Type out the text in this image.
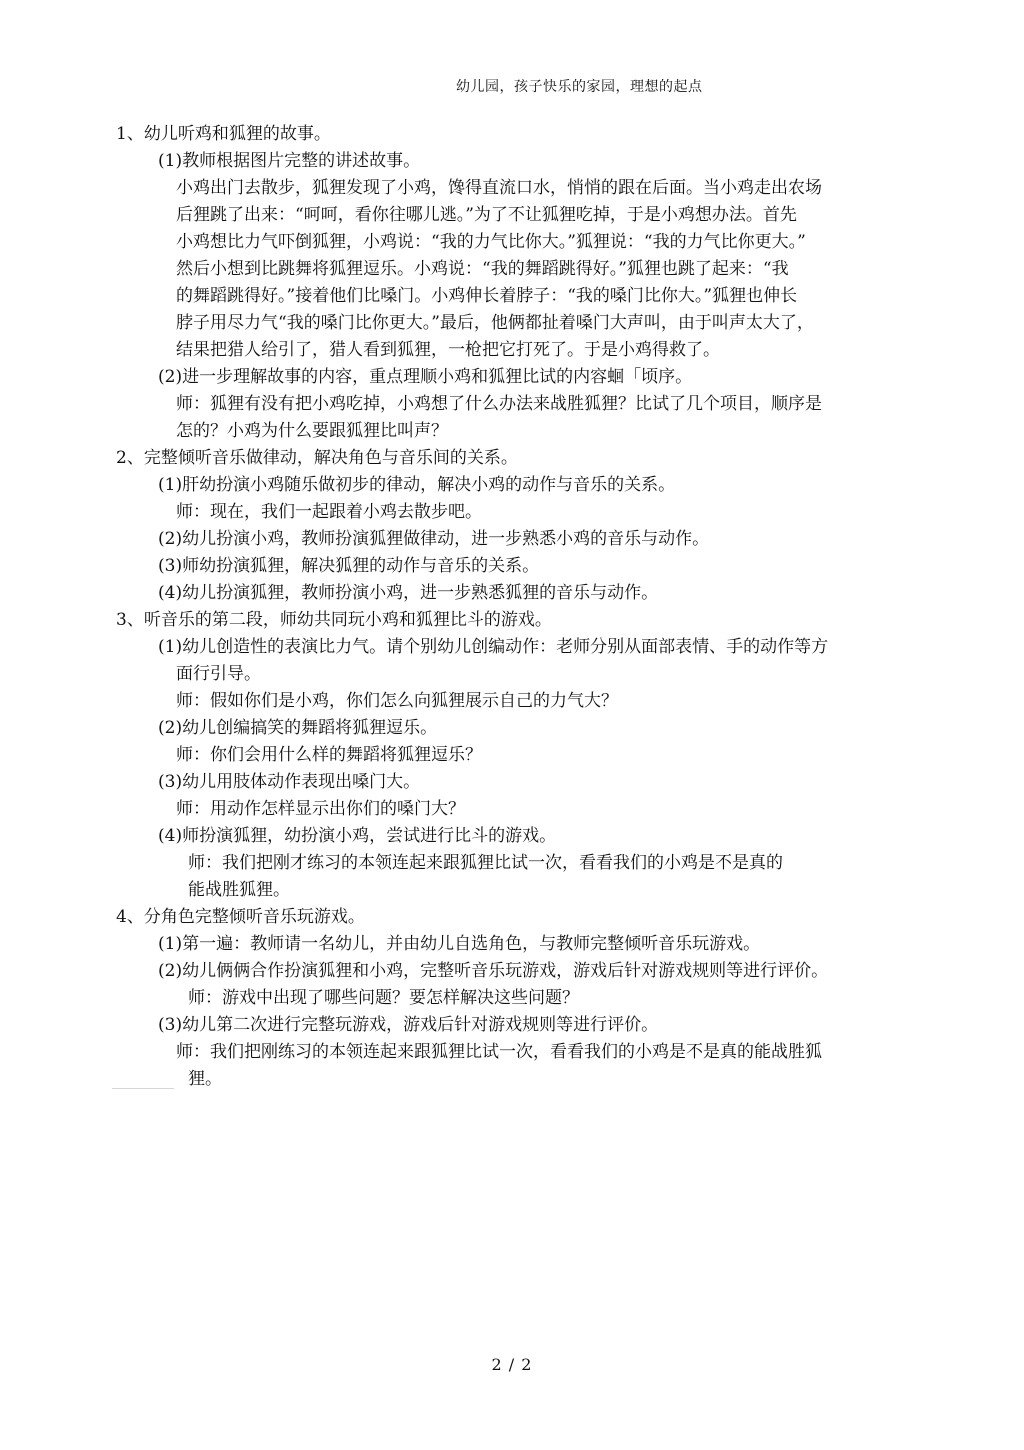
幼儿园，孩子快乐的家园，理想的起点
1、幼儿听鸡和狐狸的故事。
(1)教师根据图片完整的讲述故事。
小鸡出门去散步，狐狸发现了小鸡，馋得直流口水，悄悄的跟在后面。当小鸡走出农场
后狸跳了出来：“呵呵，看你往哪儿逃。”为了不让狐狸吃掉，于是小鸡想办法。首先
小鸡想比力气吓倒狐狸，小鸡说：“我的力气比你大。”狐狸说：“我的力气比你更大。”
然后小想到比跳舞将狐狸逗乐。小鸡说：“我的舞蹈跳得好。”狐狸也跳了起来：“我
的舞蹈跳得好。”接着他们比嗓门。小鸡伸长着脖子：“我的嗓门比你大。”狐狸也伸长
脖子用尽力气“我的嗓门比你更大。”最后，他俩都扯着嗓门大声叫，由于叫声太大了，
结果把猎人给引了，猎人看到狐狸，一枪把它打死了。于是小鸡得救了。
(2)进一步理解故事的内容，重点理顺小鸡和狐狸比试的内容蛔「顷序。
师：狐狸有没有把小鸡吃掉，小鸡想了什么办法来战胜狐狸？比试了几个项目，顺序是
怎的？小鸡为什么要跟狐狸比叫声？
2、完整倾听音乐做律动，解决角色与音乐间的关系。
(1)肝幼扮演小鸡随乐做初步的律动，解决小鸡的动作与音乐的关系。
师：现在，我们一起跟着小鸡去散步吧。
(2)幼儿扮演小鸡，教师扮演狐狸做律动，进一步熟悉小鸡的音乐与动作。
(3)师幼扮演狐狸，解决狐狸的动作与音乐的关系。
(4)幼儿扮演狐狸，教师扮演小鸡，进一步熟悉狐狸的音乐与动作。
3、听音乐的第二段，师幼共同玩小鸡和狐狸比斗的游戏。
(1)幼儿创造性的表演比力气。请个别幼儿创编动作：老师分别从面部表情、手的动作等方
面行引导。
师：假如你们是小鸡，你们怎么向狐狸展示自己的力气大？
(2)幼儿创编搞笑的舞蹈将狐狸逗乐。
师：你们会用什么样的舞蹈将狐狸逗乐？
(3)幼儿用肢体动作表现出嗓门大。
师：用动作怎样显示出你们的嗓门大？
(4)师扮演狐狸，幼扮演小鸡，尝试进行比斗的游戏。
师：我们把刚才练习的本领连起来跟狐狸比试一次，看看我们的小鸡是不是真的
能战胜狐狸。
4、分角色完整倾听音乐玩游戏。
(1)第一遍：教师请一名幼儿，并由幼儿自选角色，与教师完整倾听音乐玩游戏。
(2)幼儿俩俩合作扮演狐狸和小鸡，完整听音乐玩游戏，游戏后针对游戏规则等进行评价。
师：游戏中出现了哪些问题？要怎样解决这些问题？
(3)幼儿第二次进行完整玩游戏，游戏后针对游戏规则等进行评价。
师：我们把刚练习的本领连起来跟狐狸比试一次，看看我们的小鸡是不是真的能战胜狐
狸。
2 / 2
